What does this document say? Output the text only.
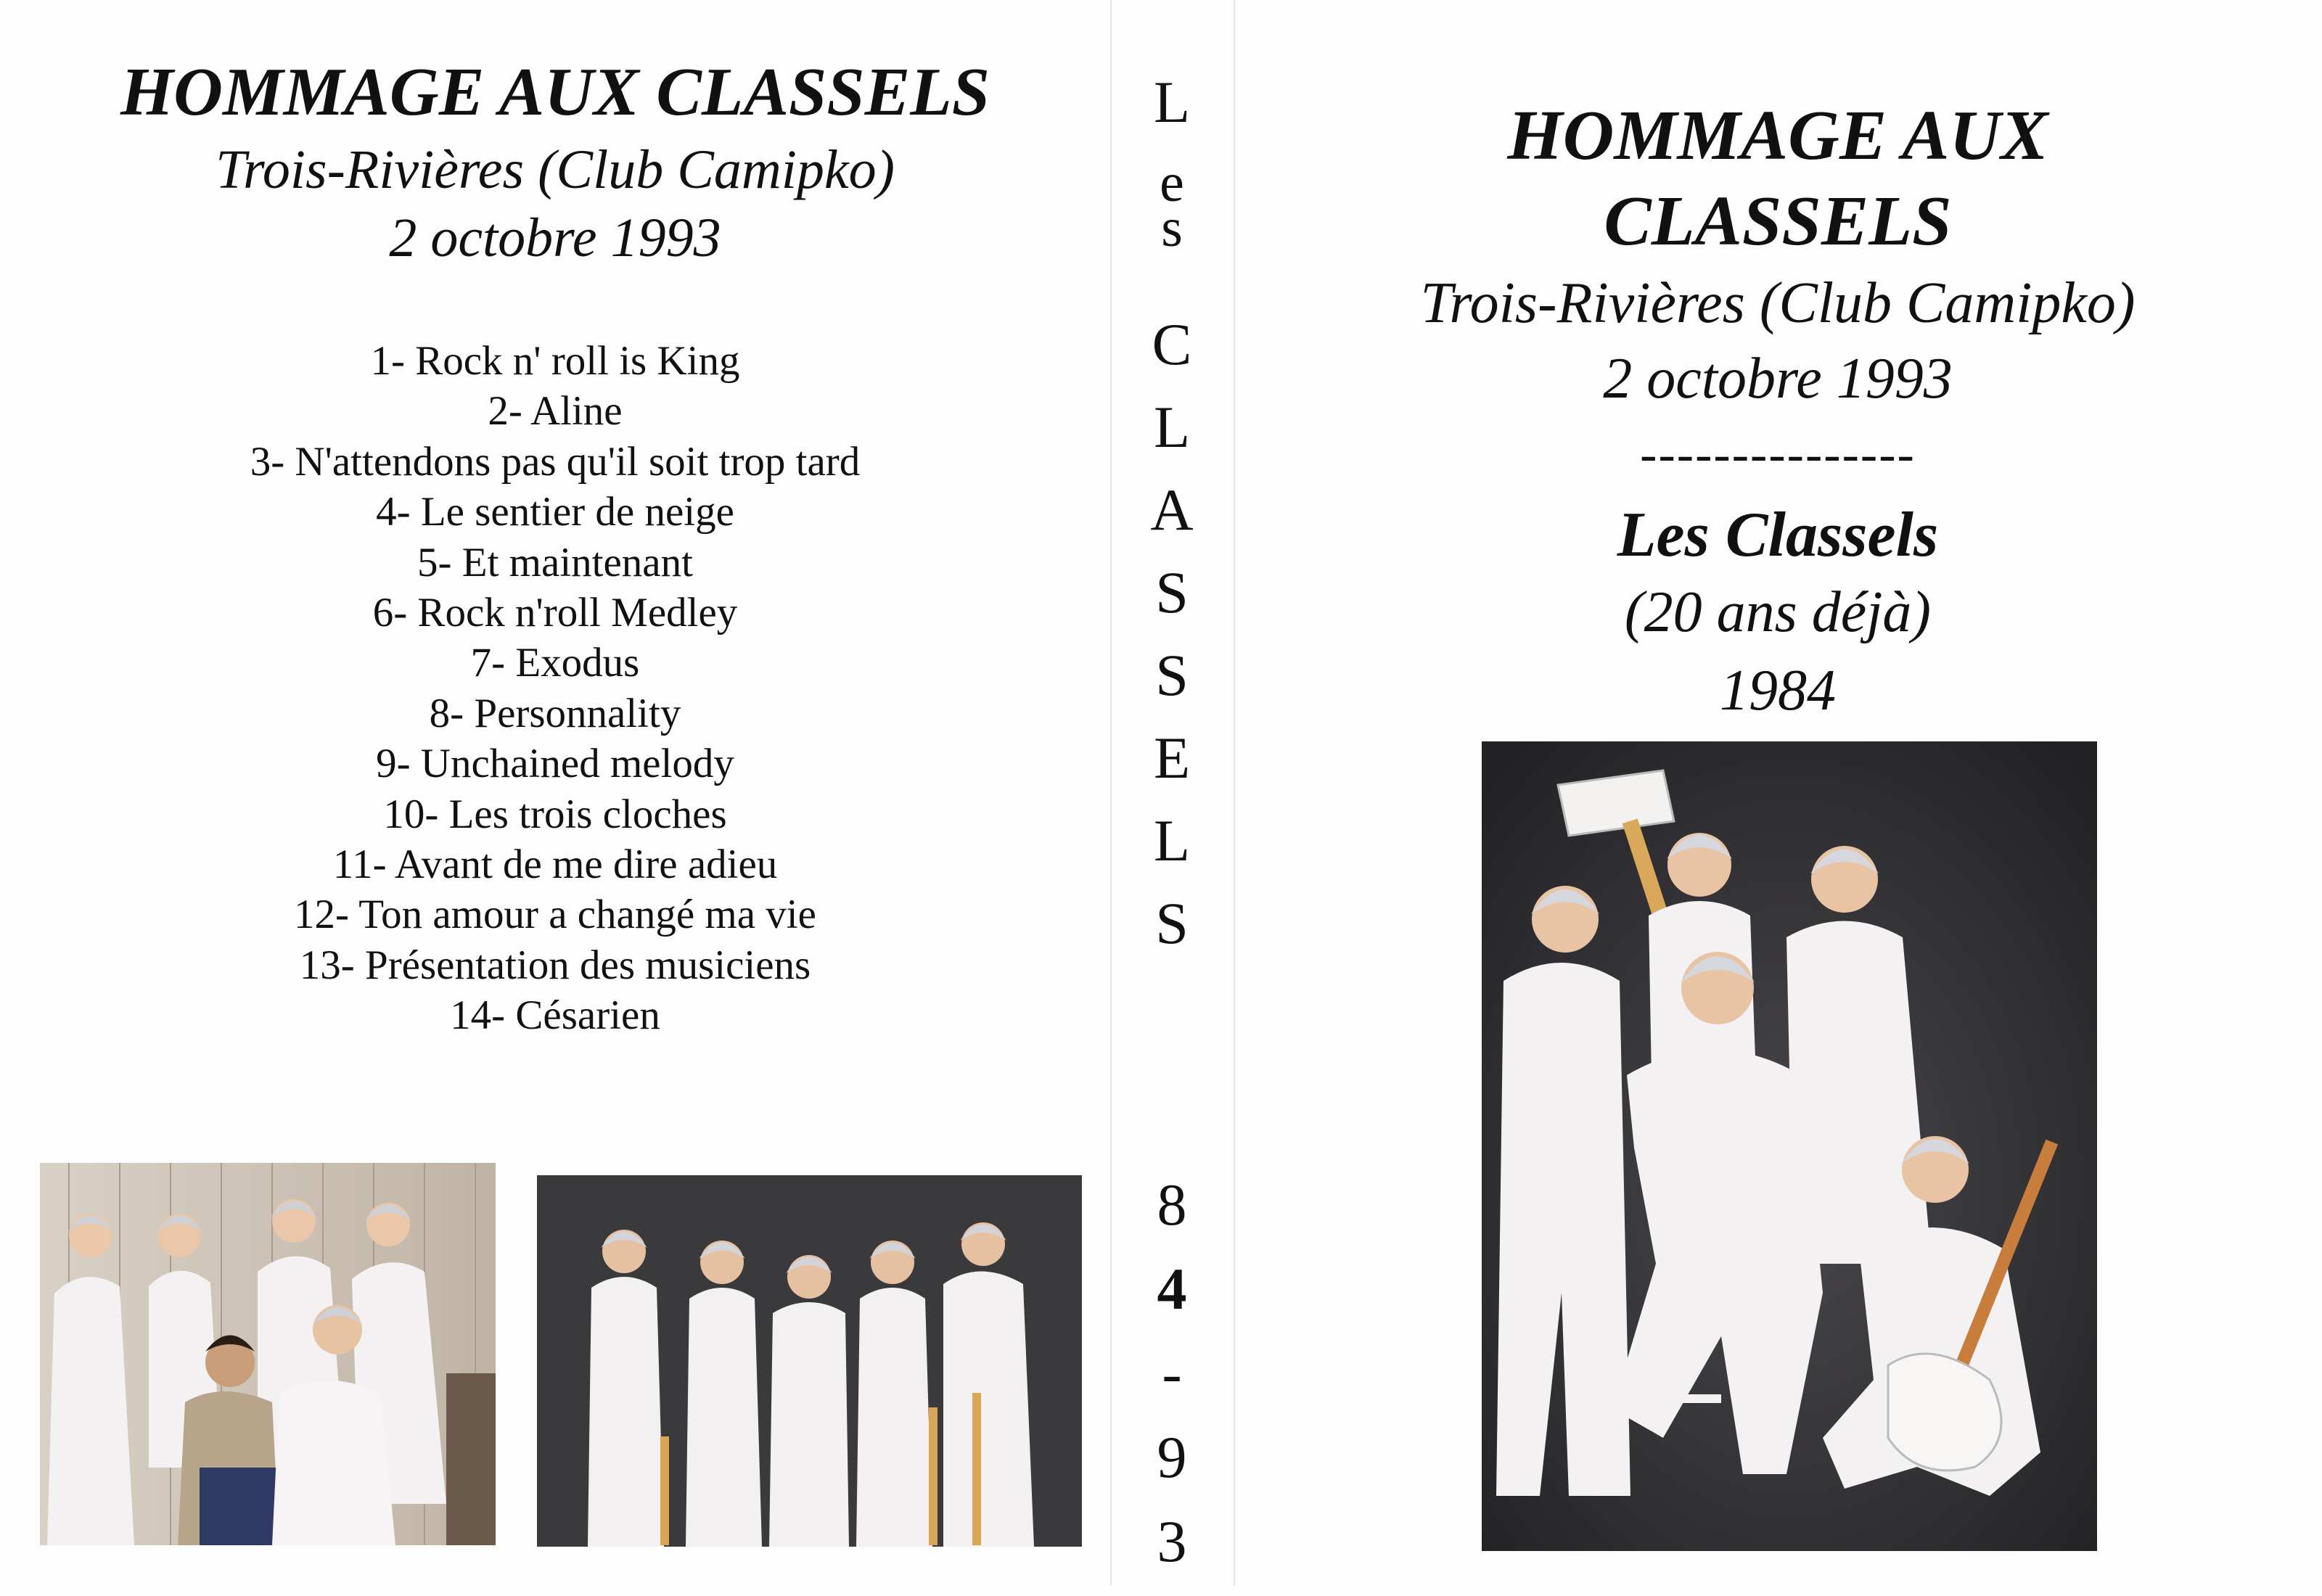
HOMMAGE AUX CLASSELS

Trois-Rivières (Club Camipko)

2 octobre 1993

1- Rock n' roll is King
2- Aline
3- N'attendons pas qu'il soit trop tard
4- Le sentier de neige
5- Et maintenant
6- Rock n'roll Medley
7- Exodus
8- Personnality
9- Unchained melody
10- Les trois cloches
11- Avant de me dire adieu
12- Ton amour a changé ma vie
13- Présentation des musiciens
14- Césarien
L
e
s
C
L
A
S
S
E
L
S
8
4
-
9
3
HOMMAGE AUX
CLASSELS

Trois-Rivières (Club Camipko)

2 octobre 1993

---------------

Les Classels

(20 ans déjà)

1984
